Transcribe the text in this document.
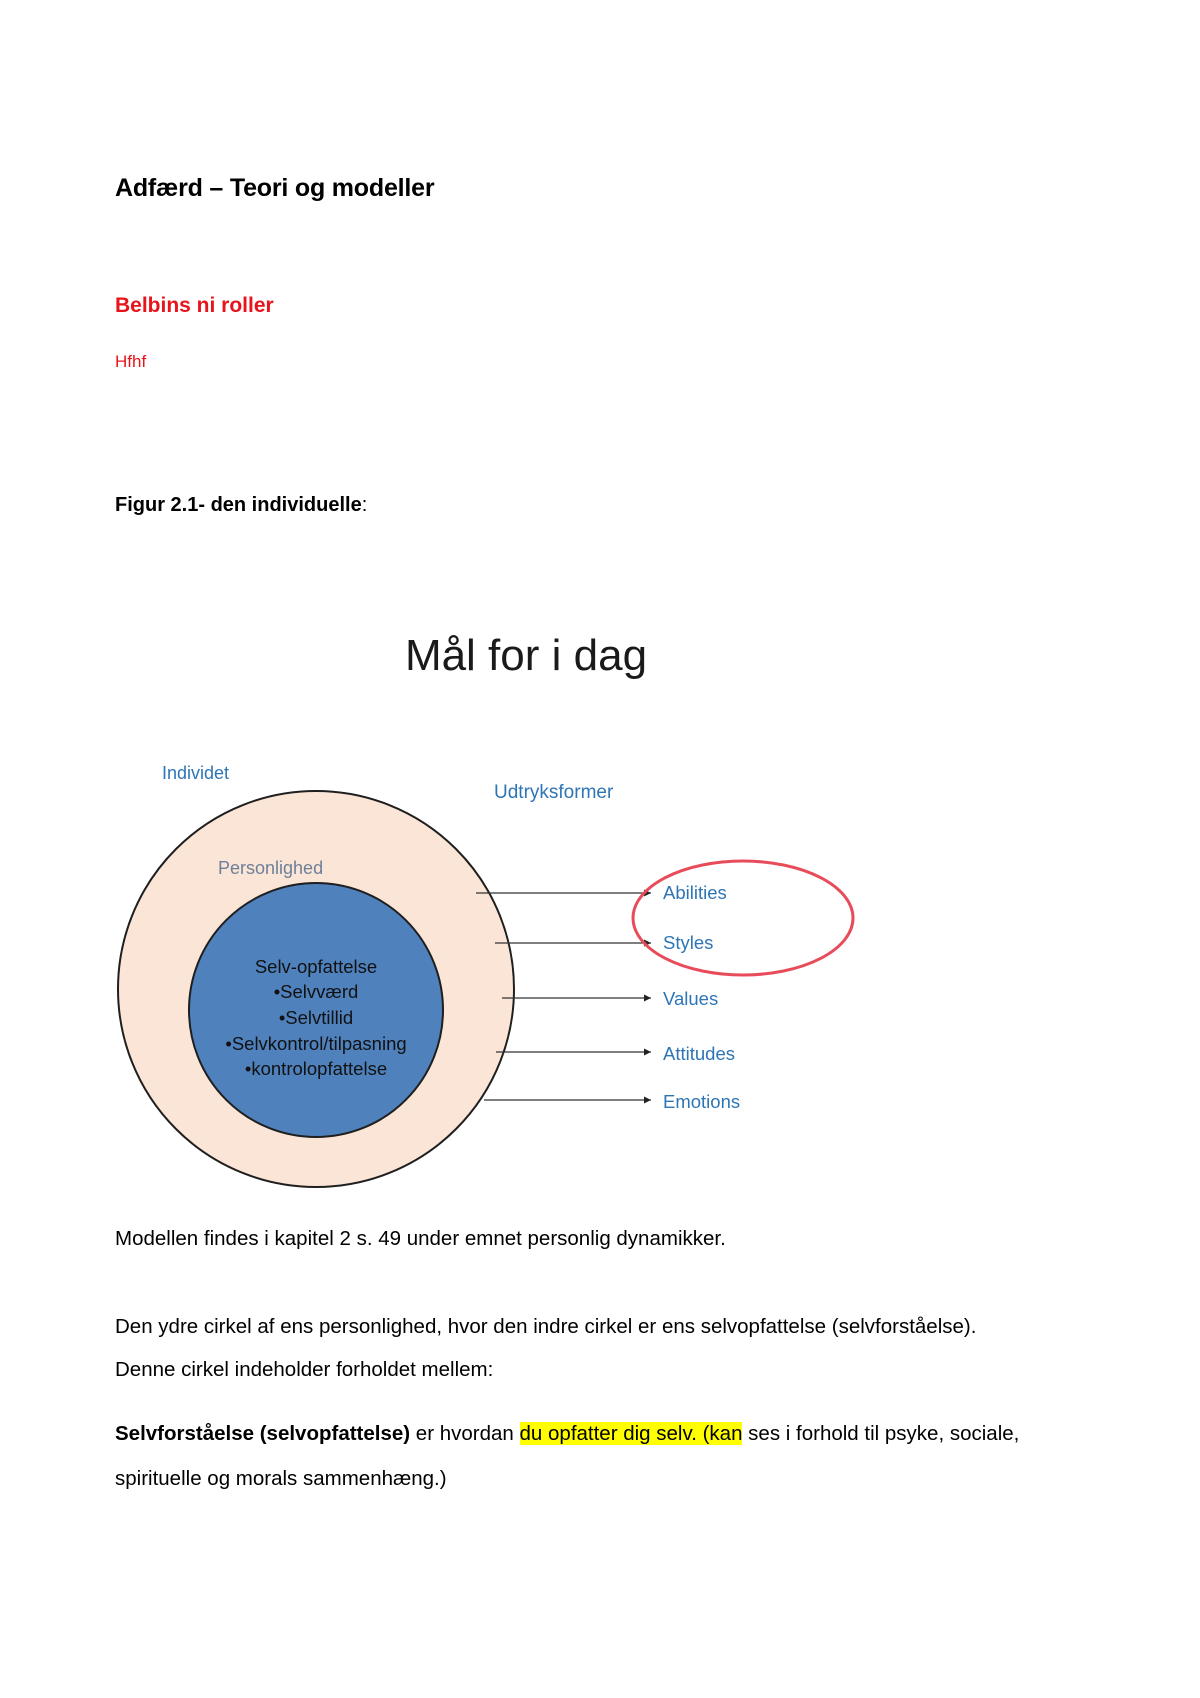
Adfærd – Teori og modeller
Belbins ni roller
Hfhf
Figur 2.1- den individuelle:
Mål for i dag
Individet
Udtryksformer
Personlighed
Selv-opfattelse
•Selvværd
•Selvtillid
•Selvkontrol/tilpasning
•kontrolopfattelse
Abilities
Styles
Values
Attitudes
Emotions
Modellen findes i kapitel 2 s. 49 under emnet personlig dynamikker.
Den ydre cirkel af ens personlighed, hvor den indre cirkel er ens selvopfattelse (selvforståelse).
Denne cirkel indeholder forholdet mellem:
Selvforståelse (selvopfattelse) er hvordan du opfatter dig selv. (kan ses i forhold til psyke, sociale,
spirituelle og morals sammenhæng.)
